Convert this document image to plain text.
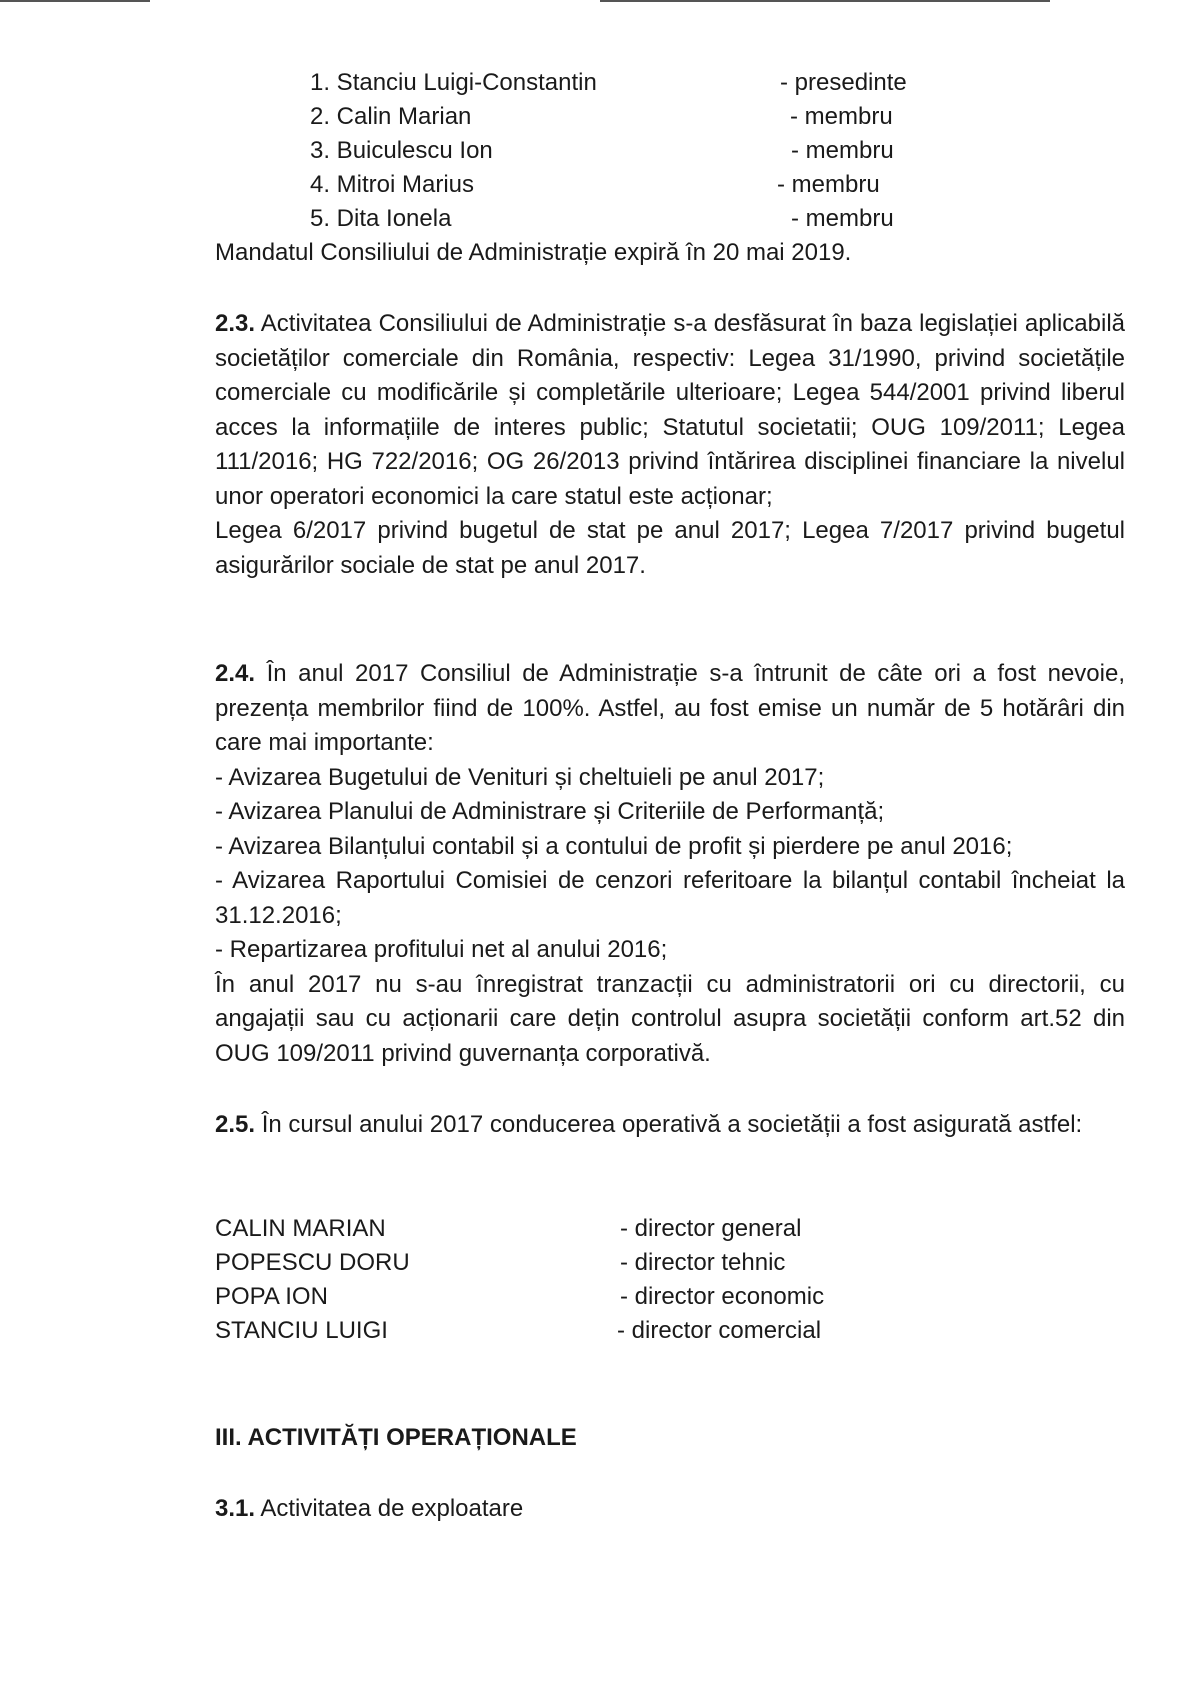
1. Stanciu Luigi-Constantin	- presedinte
2. Calin Marian	- membru
3. Buiculescu Ion	- membru
4. Mitroi Marius	- membru
5. Dita Ionela	- membru
Mandatul Consiliului de Administrație expiră în 20 mai 2019.

2.3. Activitatea Consiliului de Administrație s-a desfăsurat în baza legislației aplicabilă societăților comerciale din România, respectiv: Legea 31/1990, privind societățile comerciale cu modificările și completările ulterioare; Legea 544/2001 privind liberul acces la informațiile de interes public; Statutul societatii; OUG 109/2011; Legea 111/2016; HG 722/2016; OG 26/2013 privind întărirea disciplinei financiare la nivelul unor operatori economici la care statul este acționar;

Legea 6/2017 privind bugetul de stat pe anul 2017; Legea 7/2017 privind bugetul asigurărilor sociale de stat pe anul 2017.

2.4. În anul 2017 Consiliul de Administrație s-a întrunit de câte ori a fost nevoie, prezența membrilor fiind de 100%. Astfel, au fost emise un număr de 5 hotărâri din care mai importante:

- Avizarea Bugetului de Venituri și cheltuieli pe anul 2017;

- Avizarea Planului de Administrare și Criteriile de Performanță;

- Avizarea Bilanțului contabil și a contului de profit și pierdere pe anul 2016;

- Avizarea Raportului Comisiei de cenzori referitoare la bilanțul contabil încheiat la 31.12.2016;

- Repartizarea profitului net al anului 2016;

În anul 2017 nu s-au înregistrat tranzacții cu administratorii ori cu directorii, cu angajații sau cu acționarii care dețin controlul asupra societății conform art.52 din OUG 109/2011 privind guvernanța corporativă.

2.5. În cursul anului 2017 conducerea operativă a societății a fost asigurată astfel:

CALIN MARIAN	- director general
POPESCU DORU	- director tehnic
POPA ION	- director economic
STANCIU LUIGI	- director comercial
III. ACTIVITĂȚI OPERAȚIONALE
3.1. Activitatea de exploatare
